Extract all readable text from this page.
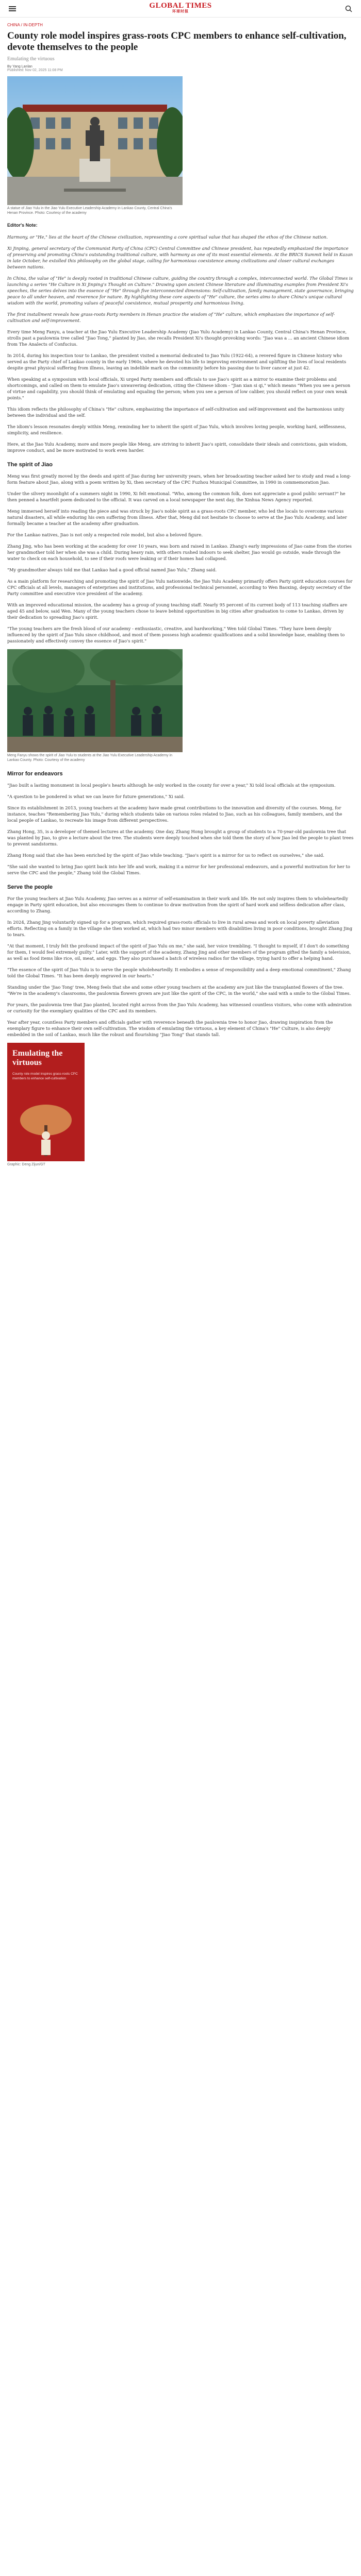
GLOBAL TIMES
环球时报
CHINA / IN-DEPTH
County role model inspires grass-roots CPC members to enhance self-cultivation, devote themselves to the people
Emulating the virtuous
By Yang Lanlan
Published: Nov 02, 2025 11:08 PM
A statue of Jiao Yulu in the Jiao Yulu Executive Leadership Academy in Lankao County, Central China's Henan Province. Photo: Courtesy of the academy
Editor's Note:

Harmony, or "He," lies at the heart of the Chinese civilization, representing a core spiritual value that has shaped the ethos of the Chinese nation.

Xi Jinping, general secretary of the Communist Party of China (CPC) Central Committee and Chinese president, has repeatedly emphasized the importance of preserving and promoting China's outstanding traditional culture, with harmony as one of its most essential elements. At the BRICS Summit held in Kazan in late October, he extolled this philosophy on the global stage, calling for harmonious coexistence among civilizations and closer cultural exchanges between nations.

In China, the value of "He" is deeply rooted in traditional Chinese culture, guiding the country through a complex, interconnected world. The Global Times is launching a series "He Culture in Xi Jinping's Thought on Culture." Drawing upon ancient Chinese literature and illuminating examples from President Xi's speeches, the series delves into the essence of "He" through five interconnected dimensions: Self-cultivation, family management, state governance, bringing peace to all under heaven, and reverence for nature. By highlighting these core aspects of "He" culture, the series aims to share China's unique cultural wisdom with the world, promoting values of peaceful coexistence, mutual prosperity and harmonious living.

The first installment reveals how grass-roots Party members in Henan practice the wisdom of "He" culture, which emphasizes the importance of self-cultivation and self-improvement.

Every time Meng Fanyu, a teacher at the Jiao Yulu Executive Leadership Academy (Jiao Yulu Academy) in Lankao County, Central China's Henan Province, strolls past a paulownia tree called "Jiao Tong," planted by Jiao, she recalls President Xi's thought-provoking words: "Jiao was a ... an ancient Chinese idiom from The Analects of Confucius.

In 2014, during his inspection tour to Lankao, the president visited a memorial dedicated to Jiao Yulu (1922-64), a revered figure in Chinese history who served as the Party chief of Lankao county in the early 1960s, where he devoted his life to improving environment and uplifting the lives of local residents despite great physical suffering from illness, leaving an indelible mark on the community before his passing due to liver cancer at just 42.

When speaking at a symposium with local officials, Xi urged Party members and officials to use Jiao's spirit as a mirror to examine their problems and shortcomings, and called on them to emulate Jiao's unwavering dedication, citing the Chinese idiom - "Jian xian si qi," which means "When you see a person of virtue and capability, you should think of emulating and equaling the person; when you see a person of low caliber, you should reflect on your own weak points."

This idiom reflects the philosophy of China's "He" culture, emphasizing the importance of self-cultivation and self-improvement and the harmonious unity between the individual and the self.

The idiom's lesson resonates deeply within Meng, reminding her to inherit the spirit of Jiao Yulu, which involves loving people, working hard, selflessness, simplicity, and resilience.

Here, at the Jiao Yulu Academy, more and more people like Meng, are striving to inherit Jiao's spirit, consolidate their ideals and convictions, gain wisdom, improve conduct, and be more motivated to work even harder.

The spirit of Jiao

Meng was first greatly moved by the deeds and spirit of Jiao during her university years, when her broadcasting teacher asked her to study and read a long-form feature about Jiao, along with a poem written by Xi, then secretary of the CPC Fuzhou Municipal Committee, in 1990 in commemoration Jiao.

Under the silvery moonlight of a summers night in 1990, Xi felt emotional. "Who, among the common folk, does not appreciate a good public servant?" he then penned a heartfelt poem dedicated to the official. It was carved on a local newspaper the next day, the Xinhua News Agency reported.

Meng immersed herself into reading the piece and was struck by Jiao's noble spirit as a grass-roots CPC member, who led the locals to overcome various natural disasters, all while enduring his own suffering from illness. After that, Meng did not hesitate to choose to serve at the Jiao Yulu Academy, and later formally became a teacher at the academy after graduation.

For the Lankao natives, Jiao is not only a respected role model, but also a beloved figure.

Zhang Jing, who has been working at the academy for over 10 years, was born and raised in Lankao. Zhang's early impressions of Jiao came from the stories her grandmother told her when she was a child. During heavy rain, with others rushed indoors to seek shelter, Jiao would go outside, wade through the water to check on each household, to see if their roofs were leaking or if their homes had collapsed.

"My grandmother always told me that Lankao had a good official named Jiao Yulu," Zhang said.

As a main platform for researching and promoting the spirit of Jiao Yulu nationwide, the Jiao Yulu Academy primarily offers Party spirit education courses for CPC officials at all levels, managers of enterprises and institutions, and professional technical personnel, according to Wen Baoxing, deputy secretary of the Party committee and executive vice president of the academy.

With an improved educational mission, the academy has a group of young teaching staff. Nearly 95 percent of its current body of 113 teaching staffers are aged 45 and below, said Wen. Many of the young teachers chose to leave behind opportunities in big cities after graduation to come to Lankao, driven by their dedication to spreading Jiao's spirit.

"The young teachers are the fresh blood of our academy - enthusiastic, creative, and hardworking," Wen told Global Times. "They have been deeply influenced by the spirit of Jiao Yulu since childhood, and most of them possess high academic qualifications and a solid knowledge base, enabling them to passionately and effectively convey the essence of Jiao's spirit."

Meng Fanyu shows the spirit of Jiao Yulu to students at the Jiao Yulu Executive Leadership Academy in Lankao County. Photo: Courtesy of the academy
Mirror for endeavors

"Jiao built a lasting monument in local people's hearts although he only worked in the county for over a year," Xi told local officials at the symposium.

"A question to be pondered is what we can leave for future generations," Xi said.

Since its establishment in 2013, young teachers at the academy have made great contributions to the innovation and diversity of the courses. Meng, for instance, teaches "Remembering Jiao Yulu," during which students take on various roles related to Jiao, such as his colleagues, family members, and the local people of Lankao, to recreate his image from different perspectives.

Zhang Hong, 35, is a developer of themed lectures at the academy. One day, Zhang Hong brought a group of students to a 70-year-old paulownia tree that was planted by Jiao, to give a lecture about the tree. The students were deeply touched when she told them the story of how Jiao led the people to plant trees to prevent sandstorms.

Zhang Hong said that she has been enriched by the spirit of Jiao while teaching. "Jiao's spirit is a mirror for us to reflect on ourselves," she said.

"She said she wanted to bring Jiao spirit back into her life and work, making it a mirror for her professional endeavors, and a powerful motivation for her to serve the CPC and the people," Zhang told the Global Times.

Serve the people

For the young teachers at Jiao Yulu Academy, Jiao serves as a mirror of self-examination in their work and life. He not only inspires them to wholeheartedly engage in Party spirit education, but also encourages them to continue to draw motivation from the spirit of hard work and selfless dedication after class, according to Zhang.

In 2024, Zhang Jing voluntarily signed up for a program, which required grass-roots officials to live in rural areas and work on local poverty alleviation efforts. Reflecting on a family in the village she then worked at, which had two minor members with disabilities living in poor conditions, brought Zhang Jing to tears.

"At that moment, I truly felt the profound impact of the spirit of Jiao Yulu on me," she said, her voice trembling. "I thought to myself, if I don't do something for them, I would feel extremely guilty." Later, with the support of the academy, Zhang Jing and other members of the program gifted the family a television, as well as food items like rice, oil, meat, and eggs. They also purchased a batch of wireless radios for the village, trying hard to offer a helping hand.

"The essence of the spirit of Jiao Yulu is to serve the people wholeheartedly. It embodies a sense of responsibility and a deep emotional commitment," Zhang told the Global Times. "It has been deeply engraved in our hearts."

Standing under the 'Jiao Tong' tree, Meng feels that she and some other young teachers at the academy are just like the transplanted flowers of the tree. "We're in the academy's classrooms, the paulownia flowers grown are just like the spirit of the CPC, in the world," she said with a smile to the Global Times.

For years, the paulownia tree that Jiao planted, located right across from the Jiao Yulu Academy, has witnessed countless visitors, who come with admiration or curiosity for the exemplary qualities of the CPC and its members.

Year after year, countless Party members and officials gather with reverence beneath the paulownia tree to honor Jiao, drawing inspiration from the exemplary figure to enhance their own self-cultivation. The wisdom of emulating the virtuous, a key element of China's "He" Culture, is also deeply embedded in the soil of Lankao, much like the robust and flourishing "Jiao Tong" that stands tall.

Emulating the virtuous
County role model inspires grass-roots CPC members to enhance self-cultivation
Graphic: Deng Zijun/GT
